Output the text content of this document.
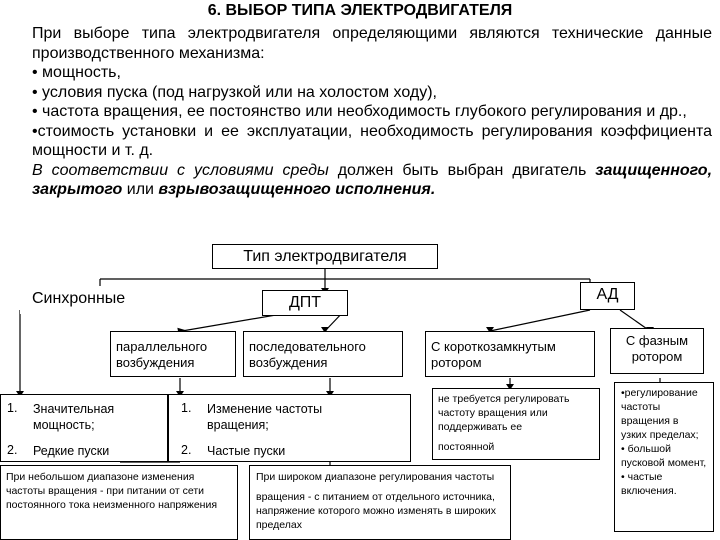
6. ВЫБОР ТИПА ЭЛЕКТРОДВИГАТЕЛЯ

При выборе типа электродвигателя определяющими являются технические данные производственного механизма:

• мощность,

• условия пуска (под нагрузкой или на холостом ходу),

• частота вращения, ее постоянство или необходимость глубокого регулирования и др.,

•стоимость установки и ее эксплуатации, необходимость регулирования коэффициента мощности и т. д.

В соответствии с условиями среды должен быть выбран двигатель защищенного, закрытого или взрывозащищенного исполнения.

Тип электродвигателя
Синхронные	ДПТ	АД
параллельного возбуждения
последовательного возбуждения
С короткозамкнутым ротором
С фазным ротором
1. Значительная мощность;
2. Редкие пуски
1. Изменение частоты вращения;
2. Частые пуски
не требуется регулировать частоту вращения или поддерживать ее
постоянной
•регулирование частоты вращения в узких пределах;
• большой пусковой момент,
• частые включения.
При небольшом диапазоне изменения частоты вращения - при питании от сети постоянного тока неизменного напряжения
При широком диапазоне регулирования частоты
вращения - с питанием от отдельного источника, напряжение которого можно изменять в широких пределах
